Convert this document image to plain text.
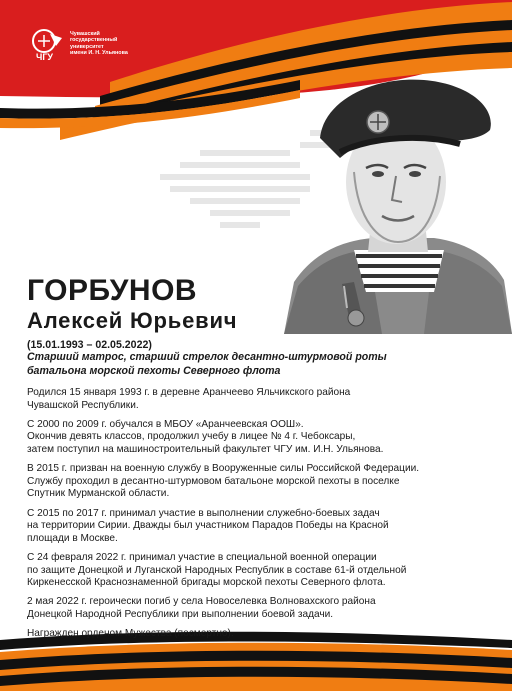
ЧГУ
Чувашский
государственный
университет
имени И. Н. Ульянова
ГОРБУНОВ
Алексей Юрьевич
(15.01.1993 – 02.05.2022)
Старший матрос, старший стрелок десантно-штурмовой роты
батальона морской пехоты Северного флота

Родился 15 января 1993 г. в деревне Аранчеево Яльчикского района
Чувашской Республики.

С 2000 по 2009 г. обучался в МБОУ «Аранчеевская ООШ».
Окончив девять классов, продолжил учебу в лицее № 4 г. Чебоксары,
затем поступил на машиностроительный факультет ЧГУ им. И.Н. Ульянова.

В 2015 г. призван на военную службу в Вооруженные силы Российской Федерации.
Службу проходил в десантно-штурмовом батальоне морской пехоты в поселке
Спутник Мурманской области.

С 2015 по 2017 г. принимал участие в выполнении служебно-боевых задач
на территории Сирии. Дважды был участником Парадов Победы на Красной
площади в Москве.

С 24 февраля 2022 г. принимал участие в специальной военной операции
по защите Донецкой и Луганской Народных Республик в составе 61-й отдельной
Киркенесской Краснознаменной бригады морской пехоты Северного флота.

2 мая 2022 г. героически погиб у села Новоселевка Волноваxского района
Донецкой Народной Республики при выполнении боевой задачи.

Награжден орденом Мужества (посмертно).
